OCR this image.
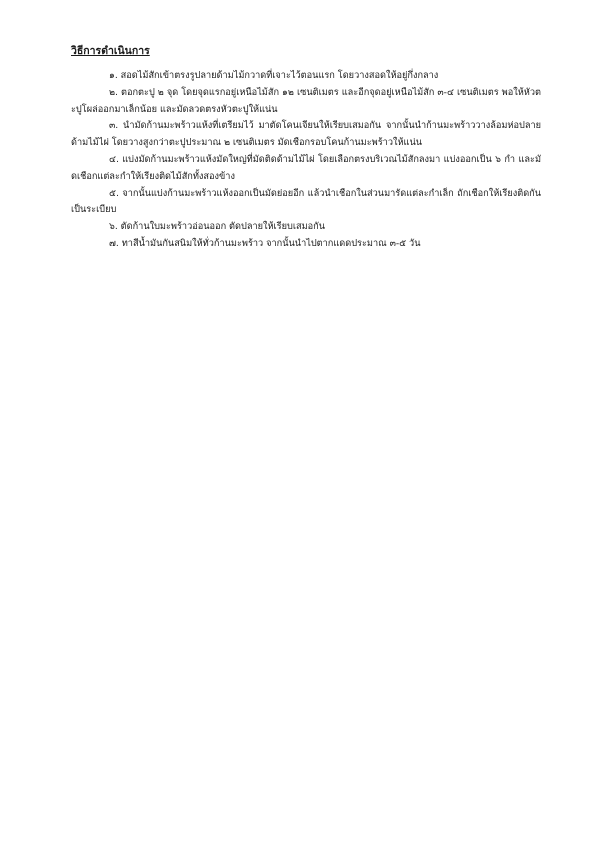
วิธีการดำเนินการ

๑. สอดไม้สักเข้าตรงรูปลายด้ามไม้กวาดที่เจาะไว้ตอนแรก โดยวางสอดให้อยู่กึ่งกลาง

๒. ตอกตะปู ๒ จุด โดยจุดแรกอยู่เหนือไม้สัก ๑๒ เซนติเมตร และอีกจุดอยู่เหนือไม้สัก ๓-๔ เซนติเมตร พอให้หัวตะปูโผล่ออกมาเล็กน้อย และมัดลวดตรงหัวตะปูให้แน่น

๓. นำมัดก้านมะพร้าวแห้งที่เตรียมไว้ มาตัดโคนเจียนให้เรียบเสมอกัน จากนั้นนำก้านมะพร้าววางล้อมห่อปลายด้ามไม้ไผ่ โดยวางสูงกว่าตะปูประมาณ ๒ เซนติเมตร มัดเชือกรอบโคนก้านมะพร้าวให้แน่น

๔. แบ่งมัดก้านมะพร้าวแห้งมัดใหญ่ที่มัดติดด้ามไม้ไผ่ โดยเลือกตรงบริเวณไม้สักลงมา แบ่งออกเป็น ๖ กำ และมัดเชือกแต่ละกำให้เรียงติดไม้สักทั้งสองข้าง

๕. จากนั้นแบ่งก้านมะพร้าวแห้งออกเป็นมัดย่อยอีก แล้วนำเชือกในส่วนมารัดแต่ละกำเล็ก ถักเชือกให้เรียงติดกันเป็นระเบียบ

๖. ตัดก้านใบมะพร้าวอ่อนออก ตัดปลายให้เรียบเสมอกัน

๗. ทาสีน้ำมันกันสนิมให้ทั่วก้านมะพร้าว จากนั้นนำไปตากแดดประมาณ ๓-๕ วัน
